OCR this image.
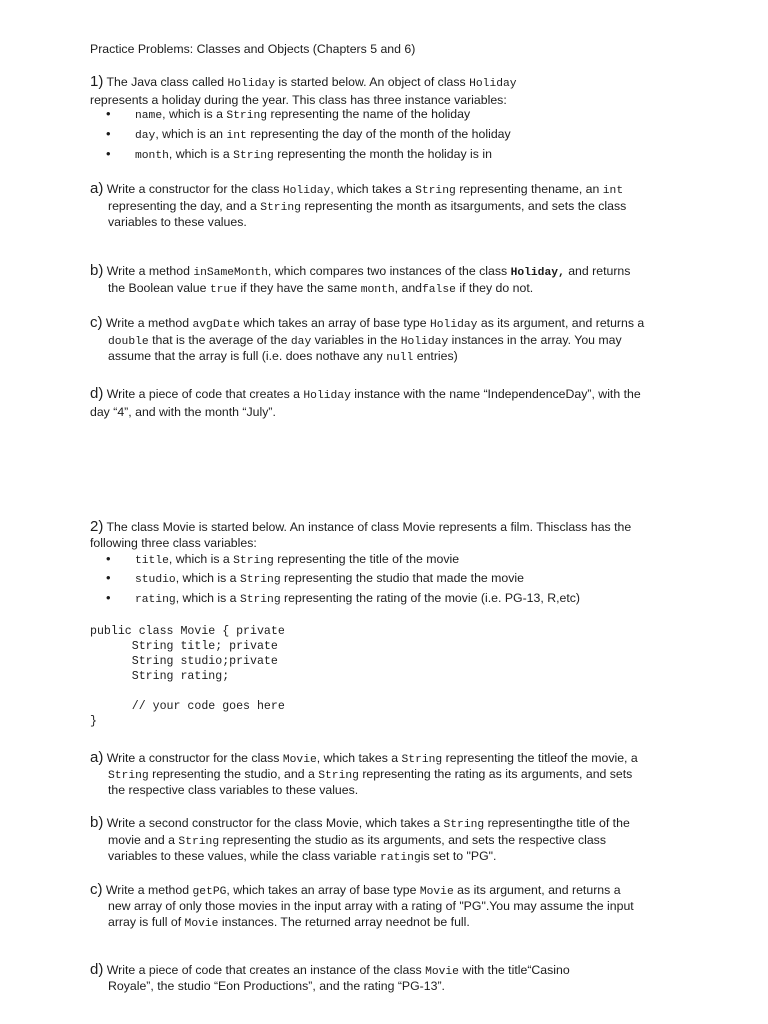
Practice Problems: Classes and Objects (Chapters 5 and 6)
1) The Java class called Holiday is started below. An object of class Holiday
represents a holiday during the year. This class has three instance variables:
• name, which is a String representing the name of the holiday
• day, which is an int representing the day of the month of the holiday
• month, which is a String representing the month the holiday is in
a) Write a constructor for the class Holiday, which takes a String representing thename, an int
representing the day, and a String representing the month as itsarguments, and sets the class
variables to these values.
b) Write a method inSameMonth, which compares two instances of the class Holiday, and returns
the Boolean value true if they have the same month, andfalse if they do not.
c) Write a method avgDate which takes an array of base type Holiday as its argument, and returns a
double that is the average of the day variables in the Holiday instances in the array. You may
assume that the array is full (i.e. does nothave any null entries)
d) Write a piece of code that creates a Holiday instance with the name “IndependenceDay”, with the
day “4”, and with the month “July”.
2) The class Movie is started below. An instance of class Movie represents a film. Thisclass has the
following three class variables:
• title, which is a String representing the title of the movie
• studio, which is a String representing the studio that made the movie
• rating, which is a String representing the rating of the movie (i.e. PG-13, R,etc)
public class Movie { private
String title; private
String studio;private
String rating;
// your code goes here
}
a) Write a constructor for the class Movie, which takes a String representing the titleof the movie, a
String representing the studio, and a String representing the rating as its arguments, and sets
the respective class variables to these values.
b) Write a second constructor for the class Movie, which takes a String representingthe title of the
movie and a String representing the studio as its arguments, and sets the respective class
variables to these values, while the class variable ratingis set to "PG".
c) Write a method getPG, which takes an array of base type Movie as its argument, and returns a
new array of only those movies in the input array with a rating of "PG".You may assume the input
array is full of Movie instances. The returned array neednot be full.
d) Write a piece of code that creates an instance of the class Movie with the title“Casino
Royale”, the studio “Eon Productions”, and the rating “PG-13”.
